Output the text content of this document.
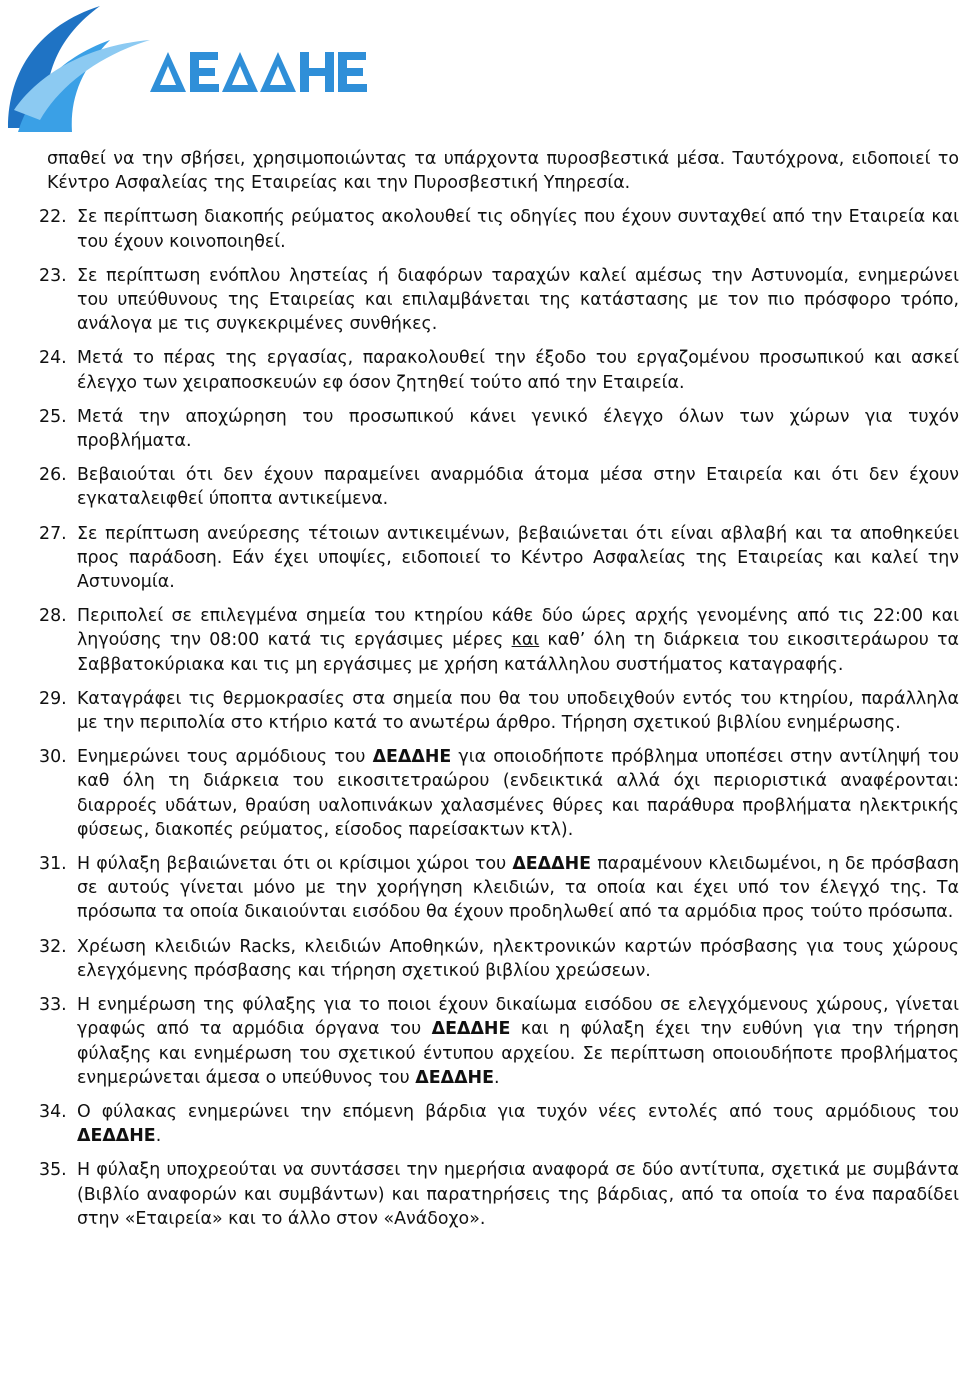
σπαθεί να την σβήσει, χρησιμοποιώντας τα υπάρχοντα πυροσβεστικά μέσα. Ταυτόχρονα, ειδοποιεί το Κέντρο Ασφαλείας της Εταιρείας και την Πυροσβεστική Υπηρεσία.

22. Σε περίπτωση διακοπής ρεύματος ακολουθεί τις οδηγίες που έχουν συνταχθεί από την Εταιρεία και του έχουν κοινοποιηθεί.
23. Σε περίπτωση ενόπλου ληστείας ή διαφόρων ταραχών καλεί αμέσως την Αστυνομία, ενημερώνει του υπεύθυνους της Εταιρείας και επιλαμβάνεται της κατάστασης με τον πιο πρόσφορο τρόπο, ανάλογα με τις συγκεκριμένες συνθήκες.
24. Μετά το πέρας της εργασίας, παρακολουθεί την έξοδο του εργαζομένου προσωπικού και ασκεί έλεγχο των χειραποσκευών εφ όσον ζητηθεί τούτο από την Εταιρεία.
25. Μετά την αποχώρηση του προσωπικού κάνει γενικό έλεγχο όλων των χώρων για τυχόν προβλήματα.
26. Βεβαιούται ότι δεν έχουν παραμείνει αναρμόδια άτομα μέσα στην Εταιρεία και ότι δεν έχουν εγκαταλειφθεί ύποπτα αντικείμενα.
27. Σε περίπτωση ανεύρεσης τέτοιων αντικειμένων, βεβαιώνεται ότι είναι αβλαβή και τα αποθηκεύει προς παράδοση. Εάν έχει υποψίες, ειδοποιεί το Κέντρο Ασφαλείας της Εταιρείας και καλεί την Αστυνομία.
28. Περιπολεί σε επιλεγμένα σημεία του κτηρίου κάθε δύο ώρες αρχής γενομένης από τις 22:00 και ληγούσης την 08:00 κατά τις εργάσιμες μέρες και καθ’ όλη τη διάρκεια του εικοσιτεράωρου τα Σαββατοκύριακα και τις μη εργάσιμες με χρήση κατάλληλου συστήματος καταγραφής.
29. Καταγράφει τις θερμοκρασίες στα σημεία που θα του υποδειχθούν εντός του κτηρίου, παράλληλα με την περιπολία στο κτήριο κατά το ανωτέρω άρθρο. Τήρηση σχετικού βιβλίου ενημέρωσης.
30. Ενημερώνει τους αρμόδιους του ΔΕΔΔΗΕ για οποιοδήποτε πρόβλημα υποπέσει στην αντίληψή του καθ όλη τη διάρκεια του εικοσιτετραώρου (ενδεικτικά αλλά όχι περιοριστικά αναφέρονται: διαρροές υδάτων, θραύση υαλοπινάκων χαλασμένες θύρες και παράθυρα προβλήματα ηλεκτρικής φύσεως, διακοπές ρεύματος, είσοδος παρείσακτων κτλ).
31. Η φύλαξη βεβαιώνεται ότι οι κρίσιμοι χώροι του ΔΕΔΔΗΕ παραμένουν κλειδωμένοι, η δε πρόσβαση σε αυτούς γίνεται μόνο με την χορήγηση κλειδιών, τα οποία και έχει υπό τον έλεγχό της. Τα πρόσωπα τα οποία δικαιούνται εισόδου θα έχουν προδηλωθεί από τα αρμόδια προς τούτο πρόσωπα.
32. Χρέωση κλειδιών Racks, κλειδιών Αποθηκών, ηλεκτρονικών καρτών πρόσβασης για τους χώρους ελεγχόμενης πρόσβασης και τήρηση σχετικού βιβλίου χρεώσεων.
33. Η ενημέρωση της φύλαξης για το ποιοι έχουν δικαίωμα εισόδου σε ελεγχόμενους χώρους, γίνεται γραφώς από τα αρμόδια όργανα του ΔΕΔΔΗΕ και η φύλαξη έχει την ευθύνη για την τήρηση φύλαξης και ενημέρωση του σχετικού έντυπου αρχείου. Σε περίπτωση οποιουδήποτε προβλήματος ενημερώνεται άμεσα ο υπεύθυνος του ΔΕΔΔΗΕ.
34. Ο φύλακας ενημερώνει την επόμενη βάρδια για τυχόν νέες εντολές από τους αρμόδιους του ΔΕΔΔΗΕ.
35. Η φύλαξη υποχρεούται να συντάσσει την ημερήσια αναφορά σε δύο αντίτυπα, σχετικά με συμβάντα (Βιβλίο αναφορών και συμβάντων) και παρατηρήσεις της βάρδιας, από τα οποία το ένα παραδίδει στην «Εταιρεία» και το άλλο στον «Ανάδοχο».
